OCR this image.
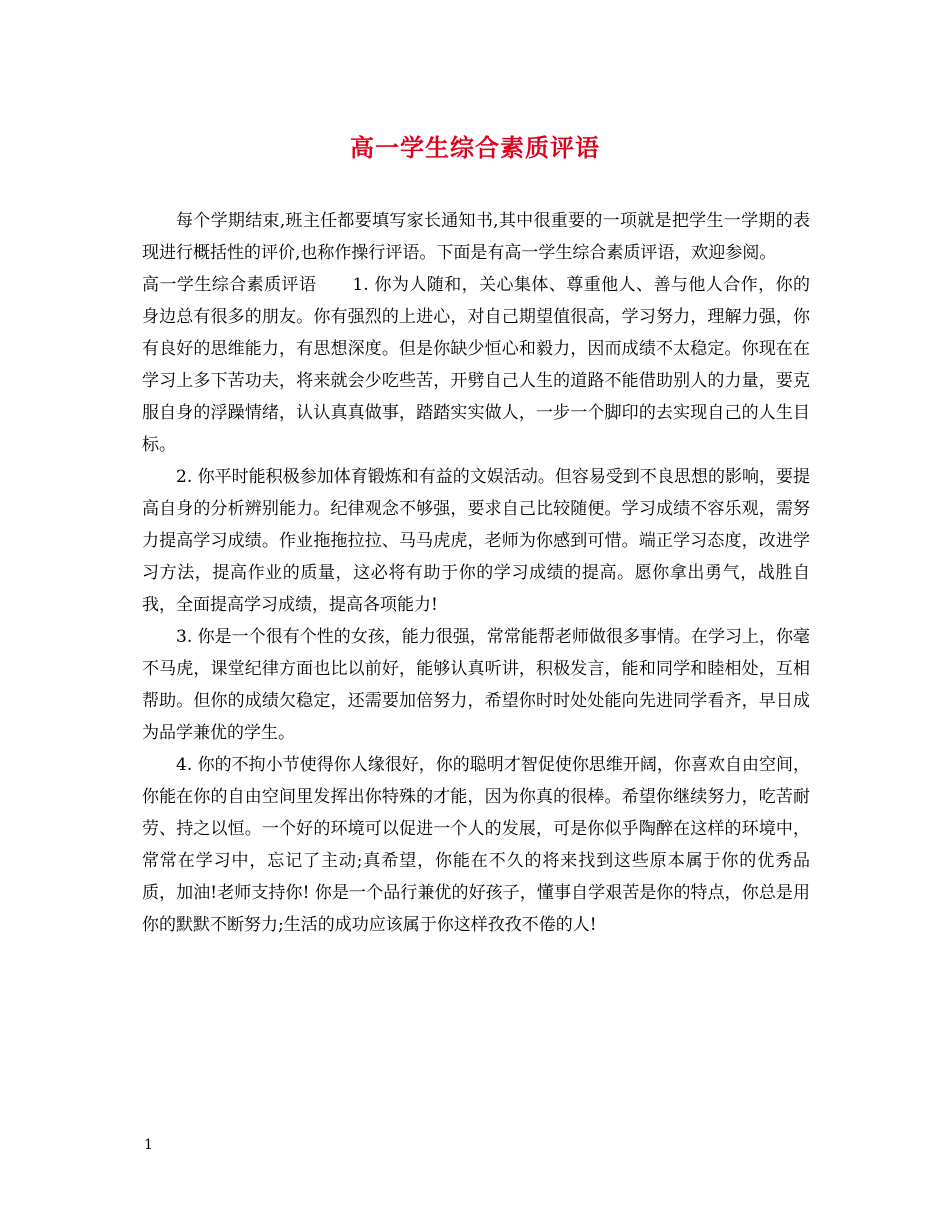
高一学生综合素质评语

每个学期结束,班主任都要填写家长通知书,其中很重要的一项就是把学生一学期的表现进行概括性的评价,也称作操行评语。下面是有高一学生综合素质评语，欢迎参阅。

高一学生综合素质评语 1. 你为人随和，关心集体、尊重他人、善与他人合作，你的身边总有很多的朋友。你有强烈的上进心，对自己期望值很高，学习努力，理解力强，你有良好的思维能力，有思想深度。但是你缺少恒心和毅力，因而成绩不太稳定。你现在在学习上多下苦功夫，将来就会少吃些苦，开劈自己人生的道路不能借助别人的力量，要克服自身的浮躁情绪，认认真真做事，踏踏实实做人，一步一个脚印的去实现自己的人生目标。

2. 你平时能积极参加体育锻炼和有益的文娱活动。但容易受到不良思想的影响，要提高自身的分析辨别能力。纪律观念不够强，要求自己比较随便。学习成绩不容乐观，需努力提高学习成绩。作业拖拖拉拉、马马虎虎，老师为你感到可惜。端正学习态度，改进学习方法，提高作业的质量，这必将有助于你的学习成绩的提高。愿你拿出勇气，战胜自我，全面提高学习成绩，提高各项能力!

3. 你是一个很有个性的女孩，能力很强，常常能帮老师做很多事情。在学习上，你毫不马虎，课堂纪律方面也比以前好，能够认真听讲，积极发言，能和同学和睦相处，互相帮助。但你的成绩欠稳定，还需要加倍努力，希望你时时处处能向先进同学看齐，早日成为品学兼优的学生。

4. 你的不拘小节使得你人缘很好，你的聪明才智促使你思维开阔，你喜欢自由空间，你能在你的自由空间里发挥出你特殊的才能，因为你真的很棒。希望你继续努力，吃苦耐劳、持之以恒。一个好的环境可以促进一个人的发展，可是你似乎陶醉在这样的环境中，常常在学习中，忘记了主动;真希望，你能在不久的将来找到这些原本属于你的优秀品质，加油!老师支持你! 你是一个品行兼优的好孩子，懂事自学艰苦是你的特点，你总是用你的默默不断努力;生活的成功应该属于你这样孜孜不倦的人!

1
